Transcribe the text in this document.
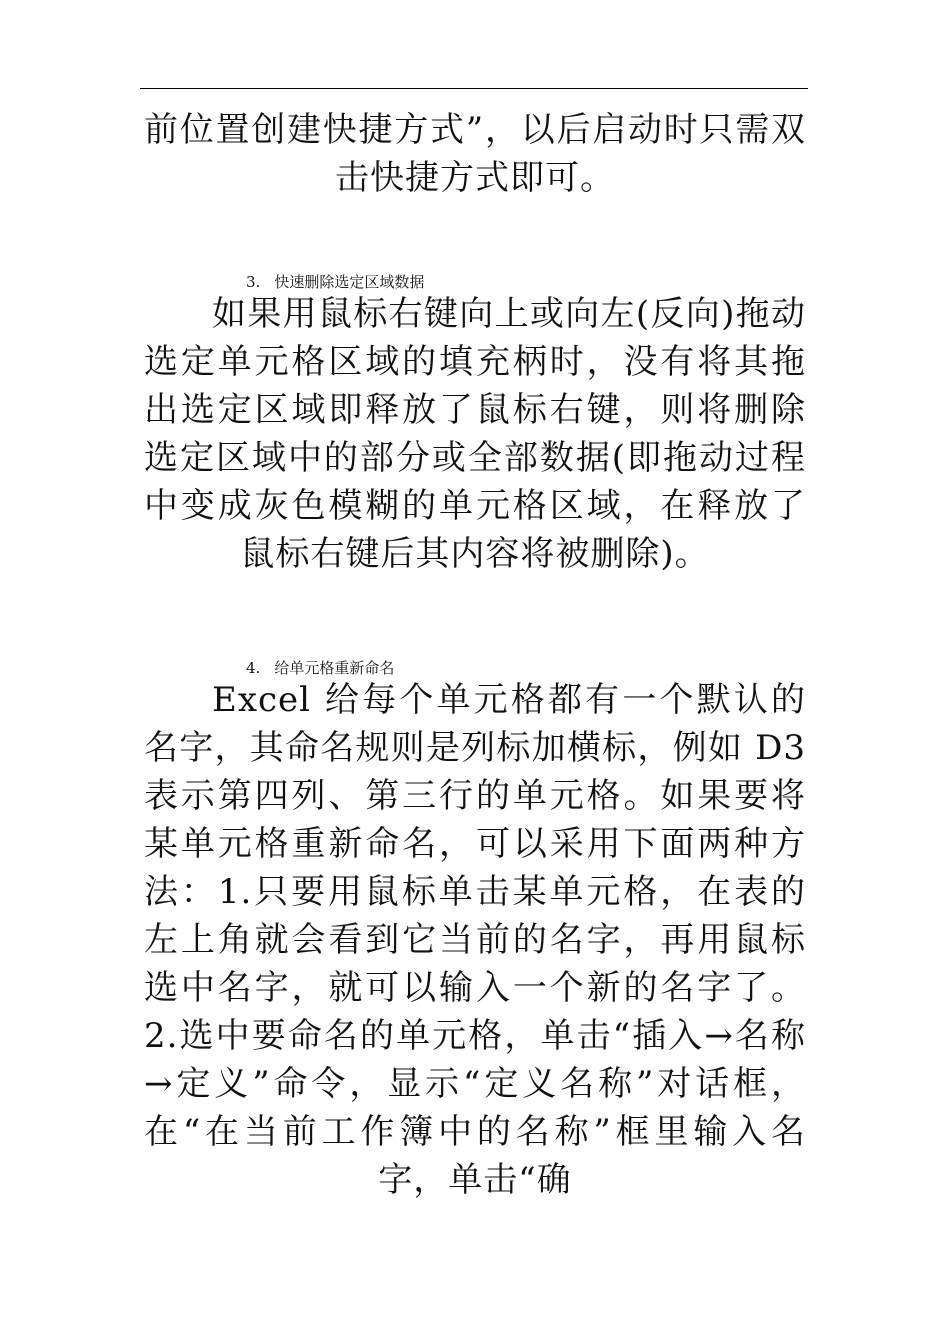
前位置创建快捷方式”，以后启动时只需双击快捷方式即可。
3. 快速删除选定区域数据
如果用鼠标右键向上或向左(反向)拖动选定单元格区域的填充柄时，没有将其拖出选定区域即释放了鼠标右键，则将删除选定区域中的部分或全部数据(即拖动过程中变成灰色模糊的单元格区域，在释放了鼠标右键后其内容将被删除)。
4. 给单元格重新命名
Excel 给每个单元格都有一个默认的名字，其命名规则是列标加横标，例如 D3 表示第四列、第三行的单元格。如果要将某单元格重新命名，可以采用下面两种方法：1.只要用鼠标单击某单元格，在表的左上角就会看到它当前的名字，再用鼠标选中名字，就可以输入一个新的名字了。 2.选中要命名的单元格，单击“插入→名称→定义”命令，显示“定义名称”对话框，在“在当前工作簿中的名称”框里输入名字，单击“确
